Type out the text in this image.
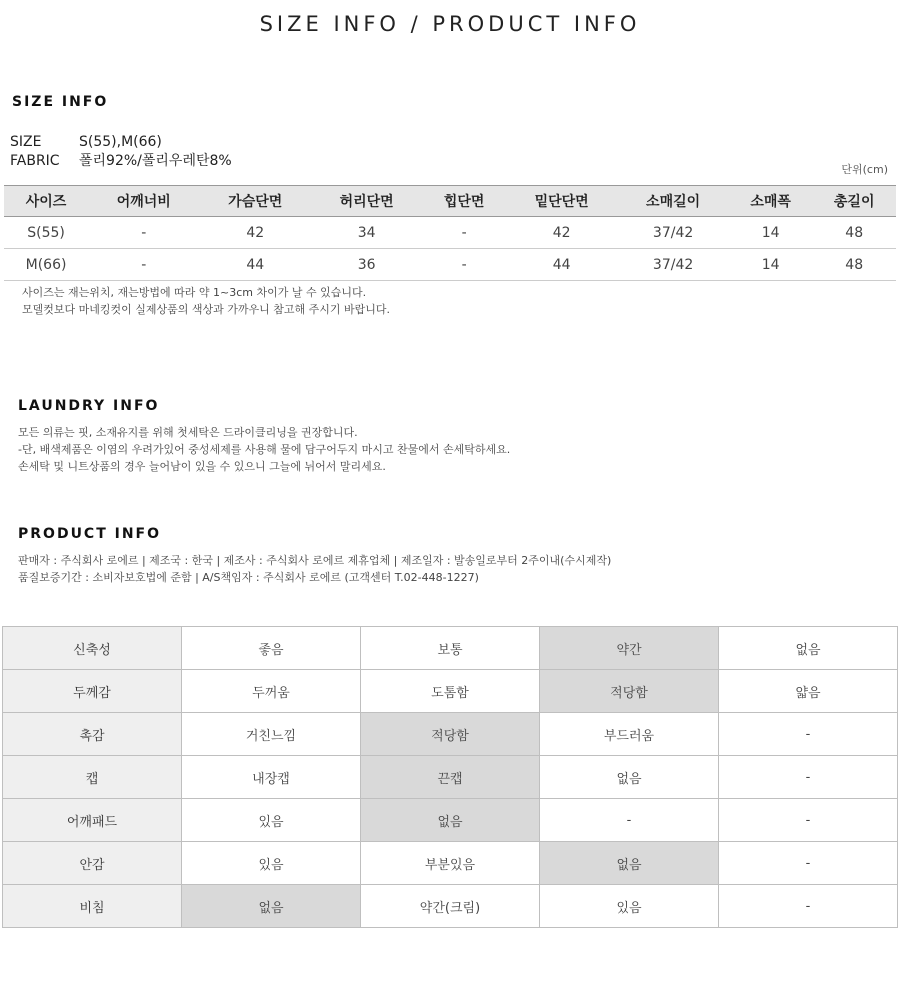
SIZE INFO / PRODUCT INFO
SIZE INFO
SIZE	S(55),M(66)
FABRIC 폴리92%/폴리우레탄8%
단위(cm)
사이즈	어깨너비	가슴단면	허리단면	힙단면	밑단단면	소매길이	소매폭	총길이
S(55)	-	42	34	-	42	37/42	14	48
M(66)	-	44	36	-	44	37/42	14	48
사이즈는 재는위치, 재는방법에 따라 약 1~3cm 차이가 날 수 있습니다.
모델컷보다 마네킹컷이 실제상품의 색상과 가까우니 참고해 주시기 바랍니다.
LAUNDRY INFO
모든 의류는 핏, 소재유지를 위해 첫세탁은 드라이클리닝을 권장합니다.
-단, 배색제품은 이염의 우려가있어 중성세제를 사용해 물에 담구어두지 마시고 찬물에서 손세탁하세요.
손세탁 및 니트상품의 경우 늘어남이 있을 수 있으니 그늘에 뉘어서 말리세요.
PRODUCT INFO
판매자 : 주식회사 로에르 | 제조국 : 한국 | 제조사 : 주식회사 로에르 제휴업체 | 제조일자 : 발송일로부터 2주이내(수시제작)
품질보증기간 : 소비자보호법에 준함 | A/S책임자 : 주식회사 로에르 (고객센터 T.02-448-1227)
신축성	좋음	보통	약간	없음
두께감	두꺼움	도톰함	적당함	얇음
촉감	거친느낌	적당함	부드러움	-
캡	내장캡	끈캡	없음	-
어깨패드	있음	없음	-	-
안감	있음	부분있음	없음	-
비침	없음	약간(크림)	있음	-
